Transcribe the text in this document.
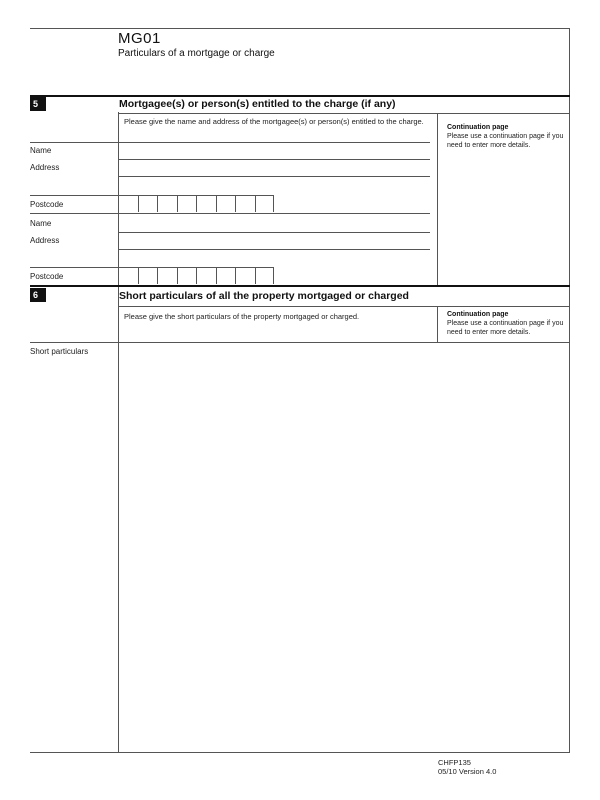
MG01
Particulars of a mortgage or charge
5	Mortgagee(s) or person(s) entitled to the charge (if any)
Please give the name and address of the mortgagee(s) or person(s) entitled to the charge.
Continuation page
Please use a continuation page if you need to enter more details.
Name
Address
Postcode
Name
Address
Postcode
6	Short particulars of all the property mortgaged or charged
Please give the short particulars of the property mortgaged or charged.	Continuation page
Please use a continuation page if you need to enter more details.
Short particulars
CHFP135
05/10 Version 4.0
